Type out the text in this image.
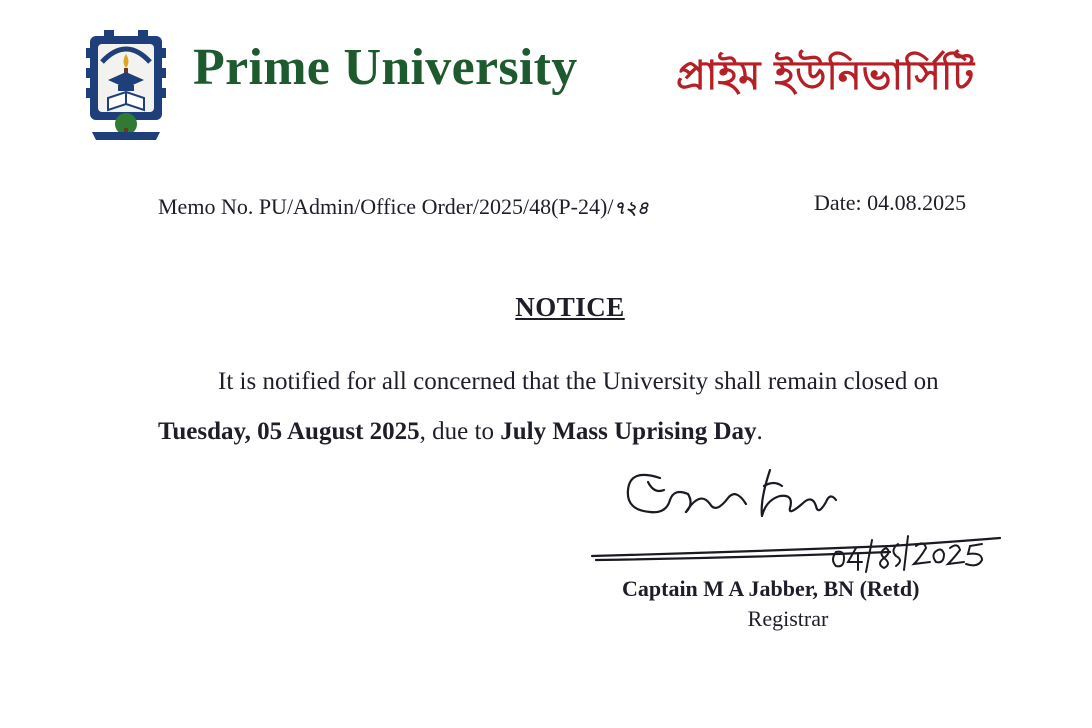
Prime University প্রাইম ইউনিভার্সিটি
Memo No. PU/Admin/Office Order/2025/48(P-24)/৭২৪	Date: 04.08.2025
NOTICE
It is notified for all concerned that the University shall remain closed on
Tuesday, 05 August 2025, due to July Mass Uprising Day.
Captain M A Jabber, BN (Retd)
Registrar
